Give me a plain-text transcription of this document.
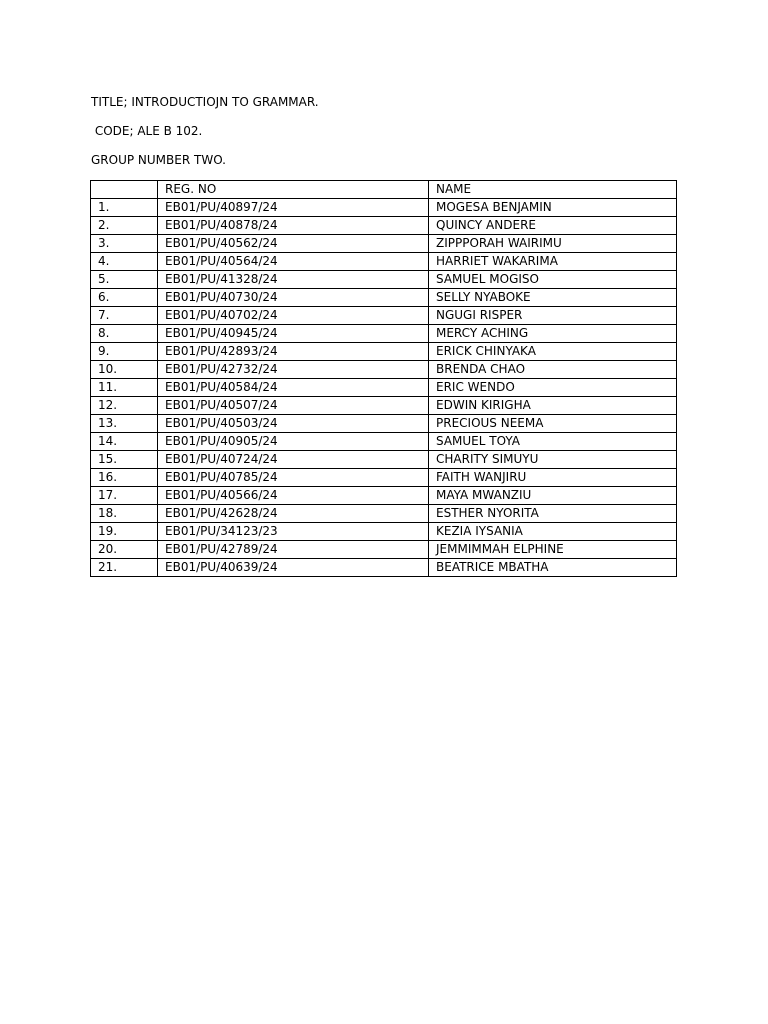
TITLE; INTRODUCTIOJN TO GRAMMAR.
CODE; ALE B 102.
GROUP NUMBER TWO.
	REG. NO	NAME
1.	EB01/PU/40897/24	MOGESA BENJAMIN
2.	EB01/PU/40878/24	QUINCY ANDERE
3.	EB01/PU/40562/24	ZIPPPORAH WAIRIMU
4.	EB01/PU/40564/24	HARRIET WAKARIMA
5.	EB01/PU/41328/24	SAMUEL MOGISO
6.	EB01/PU/40730/24	SELLY NYABOKE
7.	EB01/PU/40702/24	NGUGI RISPER
8.	EB01/PU/40945/24	MERCY ACHING
9.	EB01/PU/42893/24	ERICK CHINYAKA
10.	EB01/PU/42732/24	BRENDA CHAO
11.	EB01/PU/40584/24	ERIC WENDO
12.	EB01/PU/40507/24	EDWIN KIRIGHA
13.	EB01/PU/40503/24	PRECIOUS NEEMA
14.	EB01/PU/40905/24	SAMUEL TOYA
15.	EB01/PU/40724/24	CHARITY SIMUYU
16.	EB01/PU/40785/24	FAITH WANJIRU
17.	EB01/PU/40566/24	MAYA MWANZIU
18.	EB01/PU/42628/24	ESTHER NYORITA
19.	EB01/PU/34123/23	KEZIA IYSANIA
20.	EB01/PU/42789/24	JEMMIMMAH ELPHINE
21.	EB01/PU/40639/24	BEATRICE MBATHA
